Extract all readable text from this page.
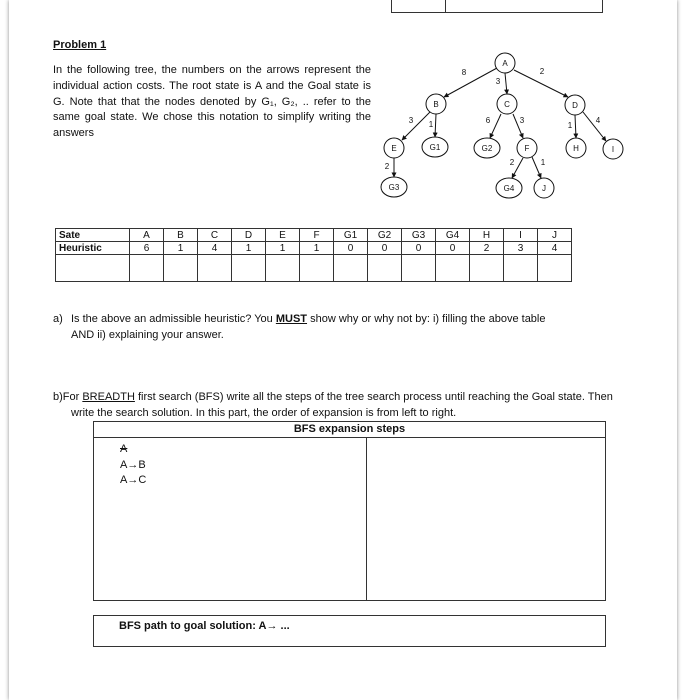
Problem 1
In the following tree, the numbers on the arrows represent the individual action costs. The root state is A and the Goal state is G. Note that that the nodes denoted by G₁, G₂, .. refer to the same goal state. We chose this notation to simplify writing the answers
A
B	C	D
E	G1	G2	F	H	I
G3	G4	J
8
3
2
3 1	6	3
1
4
2	2	1
Sate	A	B	C	D	E	F	G1	G2	G3	G4	H	I	J
Heuristic	6	1	4	1	1	1	0	0	0	0	2	3	4

a) Is the above an admissible heuristic? You MUST show why or why not by: i) filling the above table
AND ii) explaining your answer.
b)For BREADTH first search (BFS) write all the steps of the tree search process until reaching the Goal state. Then
write the search solution. In this part, the order of expansion is from left to right.
BFS expansion steps
A
A→B
A→C
BFS path to goal solution: A→ ...
